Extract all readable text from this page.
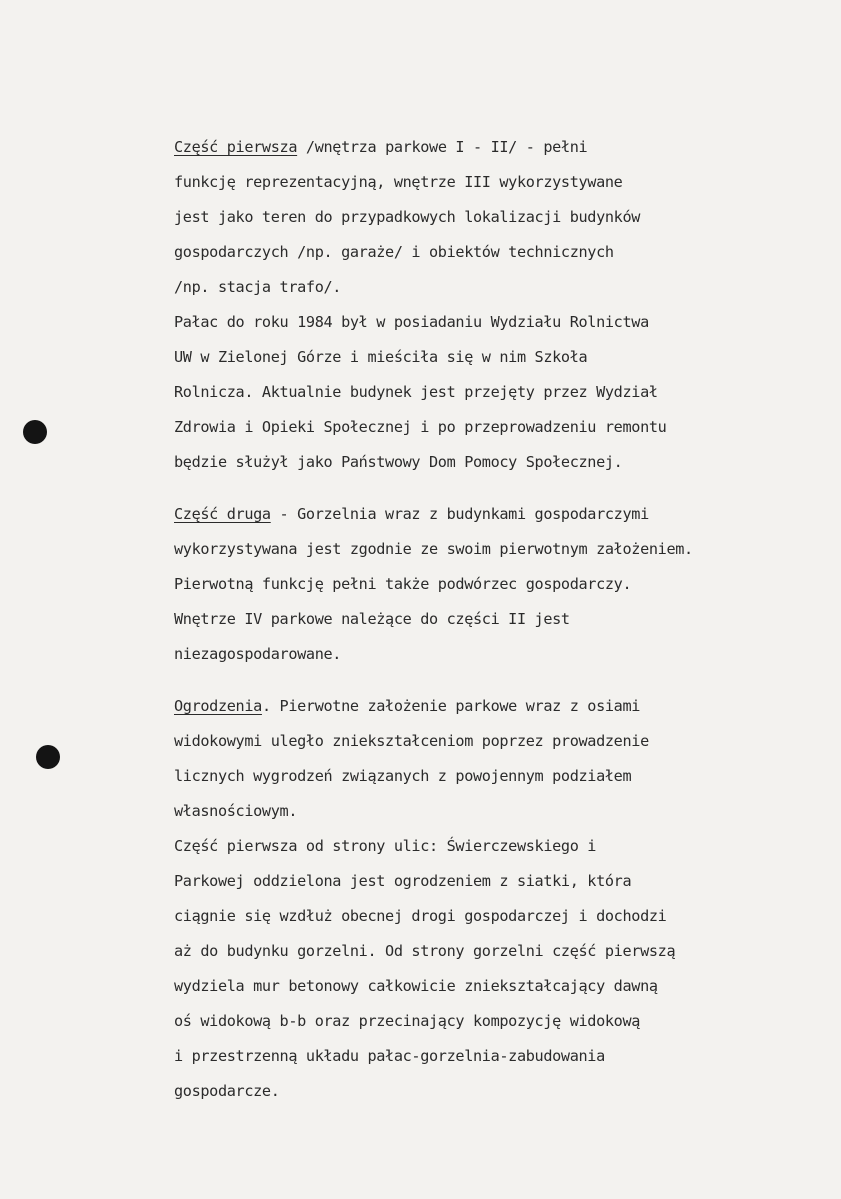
Część pierwsza /wnętrza parkowe I - II/ - pełni
funkcję reprezentacyjną, wnętrze III wykorzystywane
jest jako teren do przypadkowych lokalizacji budynków
gospodarczych /np. garaże/ i obiektów technicznych
/np. stacja trafo/.
Pałac do roku 1984 był w posiadaniu Wydziału Rolnictwa
UW w Zielonej Górze i mieściła się w nim Szkoła
Rolnicza. Aktualnie budynek jest przejęty przez Wydział
Zdrowia i Opieki Społecznej i po przeprowadzeniu remontu
będzie służył jako Państwowy Dom Pomocy Społecznej.
Część druga - Gorzelnia wraz z budynkami gospodarczymi
wykorzystywana jest zgodnie ze swoim pierwotnym założeniem.
Pierwotną funkcję pełni także podwórzec gospodarczy.
Wnętrze IV parkowe należące do części II jest
niezagospodarowane.
Ogrodzenia. Pierwotne założenie parkowe wraz z osiami
widokowymi uległo zniekształceniom poprzez prowadzenie
licznych wygrodzeń związanych z powojennym podziałem
własnościowym.
Część pierwsza od strony ulic: Świerczewskiego i
Parkowej oddzielona jest ogrodzeniem z siatki, która
ciągnie się wzdłuż obecnej drogi gospodarczej i dochodzi
aż do budynku gorzelni. Od strony gorzelni część pierwszą
wydziela mur betonowy całkowicie zniekształcający dawną
oś widokową b-b oraz przecinający kompozycję widokową
i przestrzenną układu pałac-gorzelnia-zabudowania
gospodarcze.
